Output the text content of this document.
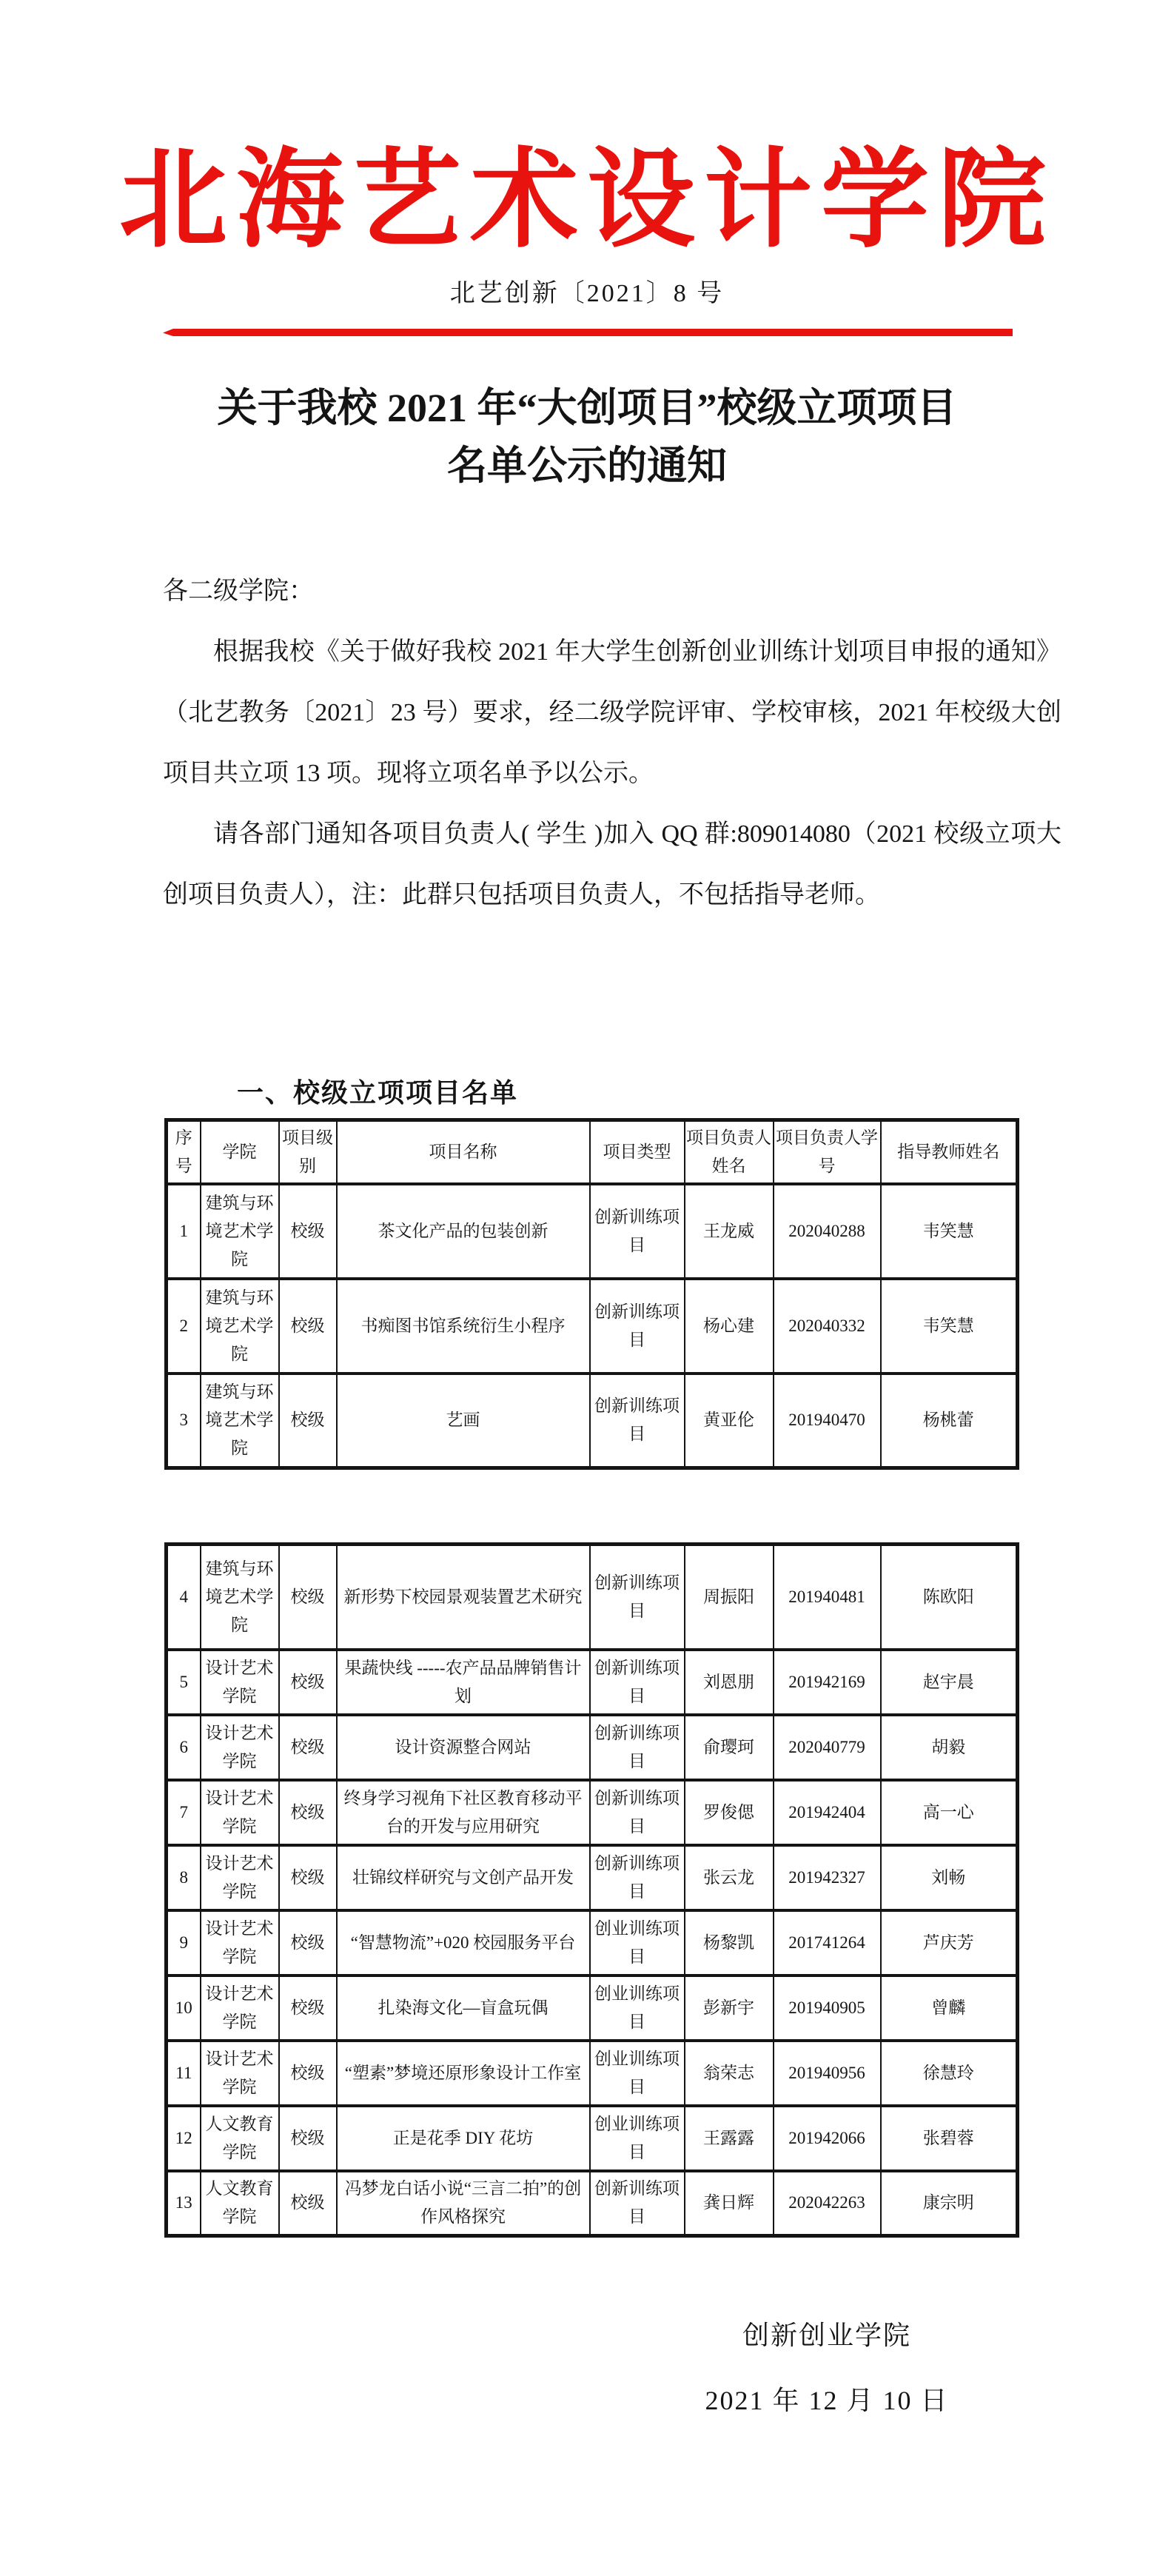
北海艺术设计学院
北艺创新〔2021〕8 号
关于我校 2021 年“大创项目”校级立项项目
名单公示的通知

各二级学院：

根据我校《关于做好我校 2021 年大学生创新创业训练计划项目申报的通知》（北艺教务〔2021〕23 号）要求，经二级学院评审、学校审核，2021 年校级大创项目共立项 13 项。现将立项名单予以公示。

请各部门通知各项目负责人( 学生 )加入 QQ 群:809014080（2021 校级立项大创项目负责人），注：此群只包括项目负责人，不包括指导老师。

一、校级立项项目名单
序号	学院	项目级别	项目名称	项目类型	项目负责人姓名	项目负责人学号	指导教师姓名
1	建筑与环境艺术学院	校级	茶文化产品的包装创新	创新训练项目	王龙威	202040288	韦笑慧
2	建筑与环境艺术学院	校级	书痴图书馆系统衍生小程序	创新训练项目	杨心建	202040332	韦笑慧
3	建筑与环境艺术学院	校级	艺画	创新训练项目	黄亚伦	201940470	杨桃蕾
4	建筑与环境艺术学院	校级	新形势下校园景观装置艺术研究	创新训练项目	周振阳	201940481	陈欧阳
5	设计艺术学院	校级	果蔬快线 -----农产品品牌销售计划	创新训练项目	刘恩朋	201942169	赵宇晨
6	设计艺术学院	校级	设计资源整合网站	创新训练项目	俞璎珂	202040779	胡毅
7	设计艺术学院	校级	终身学习视角下社区教育移动平台的开发与应用研究	创新训练项目	罗俊偲	201942404	高一心
8	设计艺术学院	校级	壮锦纹样研究与文创产品开发	创新训练项目	张云龙	201942327	刘畅
9	设计艺术学院	校级	“智慧物流”+020 校园服务平台	创业训练项目	杨黎凯	201741264	芦庆芳
10	设计艺术学院	校级	扎染海文化—盲盒玩偶	创业训练项目	彭新宇	201940905	曾麟
11	设计艺术学院	校级	“塑素”梦境还原形象设计工作室	创业训练项目	翁荣志	201940956	徐慧玲
12	人文教育学院	校级	正是花季 DIY 花坊	创业训练项目	王露露	201942066	张碧蓉
13	人文教育学院	校级	冯梦龙白话小说“三言二拍”的创作风格探究	创新训练项目	龚日辉	202042263	康宗明
创新创业学院
2021 年 12 月 10 日
